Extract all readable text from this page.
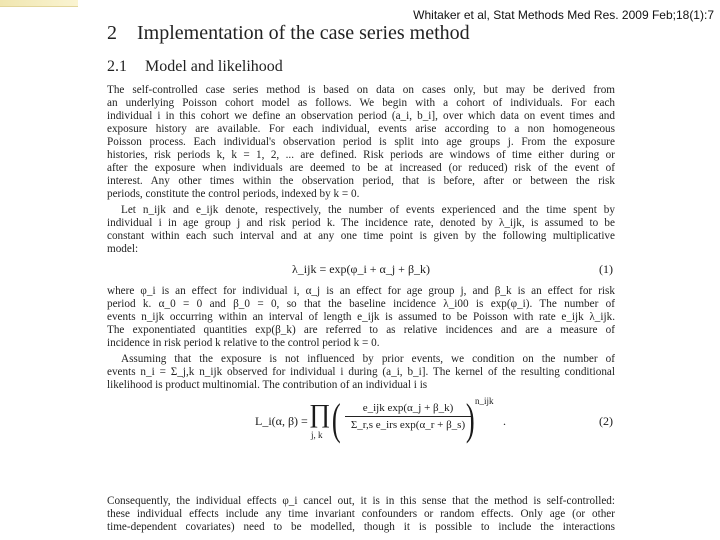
Whitaker et al, Stat Methods Med Res. 2009 Feb;18(1):7
2 Implementation of the case series method
2.1 Model and likelihood
The self-controlled case series method is based on data on cases only, but may be derived from
an underlying Poisson cohort model as follows. We begin with a cohort of individuals. For each
individual i in this cohort we define an observation period (a_i, b_i], over which data on event times and
exposure history are available. For each individual, events arise according to a non homogeneous
Poisson process. Each individual's observation period is split into age groups j. From the exposure
histories, risk periods k, k = 1, 2, ... are defined. Risk periods are windows of time either during or
after the exposure when individuals are deemed to be at increased (or reduced) risk of the event of
interest. Any other times within the observation period, that is before, after or between the risk
periods, constitute the control periods, indexed by k = 0.
Let n_ijk and e_ijk denote, respectively, the number of events experienced and the time spent by
individual i in age group j and risk period k. The incidence rate, denoted by λ_ijk, is assumed to be
constant within each such interval and at any one time point is given by the following multiplicative
model:
λ_ijk = exp(φ_i + α_j + β_k)	(1)
where φ_i is an effect for individual i, α_j is an effect for age group j, and β_k is an effect for risk
period k. α_0 = 0 and β_0 = 0, so that the baseline incidence λ_i00 is exp(φ_i). The number of
events n_ijk occurring within an interval of length e_ijk is assumed to be Poisson with rate e_ijk λ_ijk.
The exponentiated quantities exp(β_k) are referred to as relative incidences and are a measure of
incidence in risk period k relative to the control period k = 0.
Assuming that the exposure is not influenced by prior events, we condition on the number of
events n_i = Σ_j,k n_ijk observed for individual i during (a_i, b_i]. The kernel of the resulting conditional
likelihood is product multinomial. The contribution of an individual i is
L_i(α, β) = ∏
j, k (	e_ijk exp(α_j + β_k)
Σ_r,s e_irs exp(α_r + β_s) ) n_ijk
.	(2)
Consequently, the individual effects φ_i cancel out, it is in this sense that the method is self-controlled:
these individual effects include any time invariant confounders or random effects. Only age (or other
time-dependent covariates) need to be modelled, though it is possible to include the interactions
